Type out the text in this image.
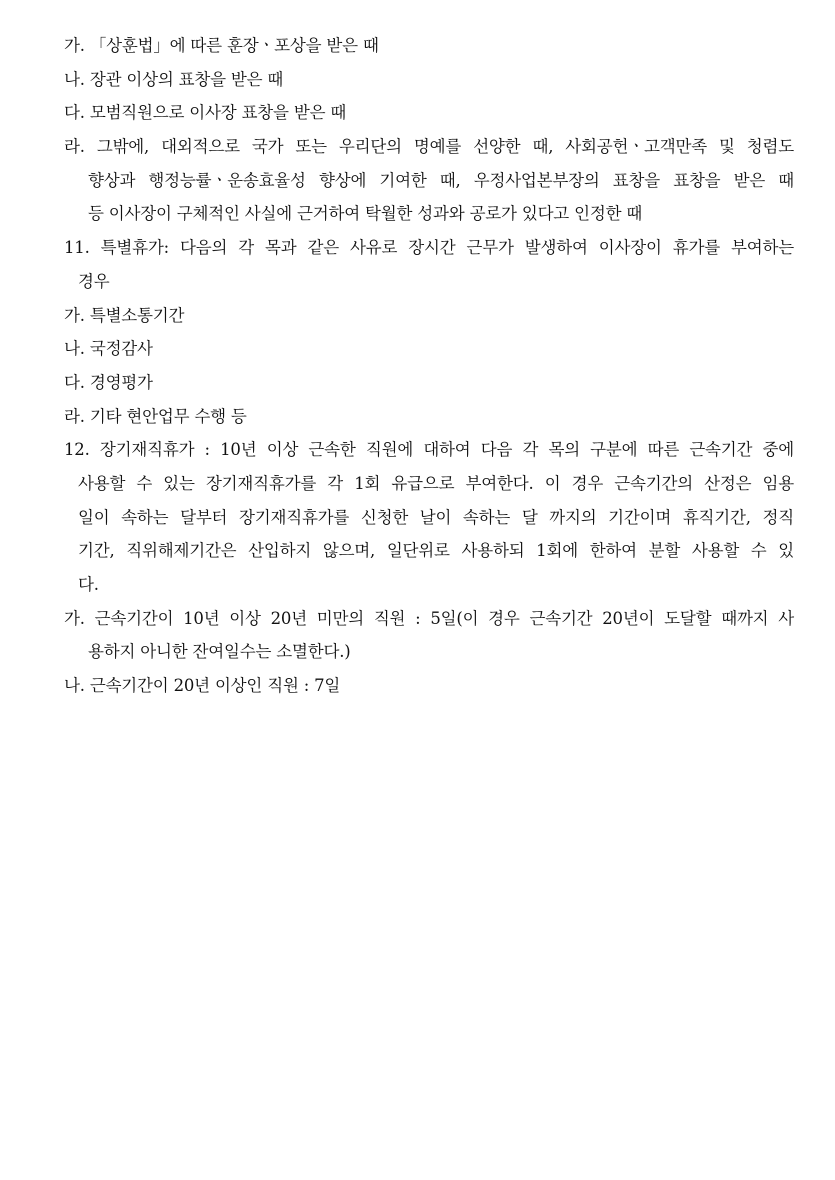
가. 「상훈법」에 따른 훈장ㆍ포상을 받은 때
나. 장관 이상의 표창을 받은 때
다. 모범직원으로 이사장 표창을 받은 때
라. 그밖에, 대외적으로 국가 또는 우리단의 명예를 선양한 때, 사회공헌ㆍ고객만족 및 청렴도
향상과 행정능률ㆍ운송효율성 향상에 기여한 때, 우정사업본부장의 표창을 표창을 받은 때
등 이사장이 구체적인 사실에 근거하여 탁월한 성과와 공로가 있다고 인정한 때
11. 특별휴가: 다음의 각 목과 같은 사유로 장시간 근무가 발생하여 이사장이 휴가를 부여하는
경우
가. 특별소통기간
나. 국정감사
다. 경영평가
라. 기타 현안업무 수행 등
12. 장기재직휴가 : 10년 이상 근속한 직원에 대하여 다음 각 목의 구분에 따른 근속기간 중에
사용할 수 있는 장기재직휴가를 각 1회 유급으로 부여한다. 이 경우 근속기간의 산정은 임용
일이 속하는 달부터 장기재직휴가를 신청한 날이 속하는 달 까지의 기간이며 휴직기간, 정직
기간, 직위해제기간은 산입하지 않으며, 일단위로 사용하되 1회에 한하여 분할 사용할 수 있
다.
가. 근속기간이 10년 이상 20년 미만의 직원 : 5일(이 경우 근속기간 20년이 도달할 때까지 사
용하지 아니한 잔여일수는 소멸한다.)
나. 근속기간이 20년 이상인 직원 : 7일
